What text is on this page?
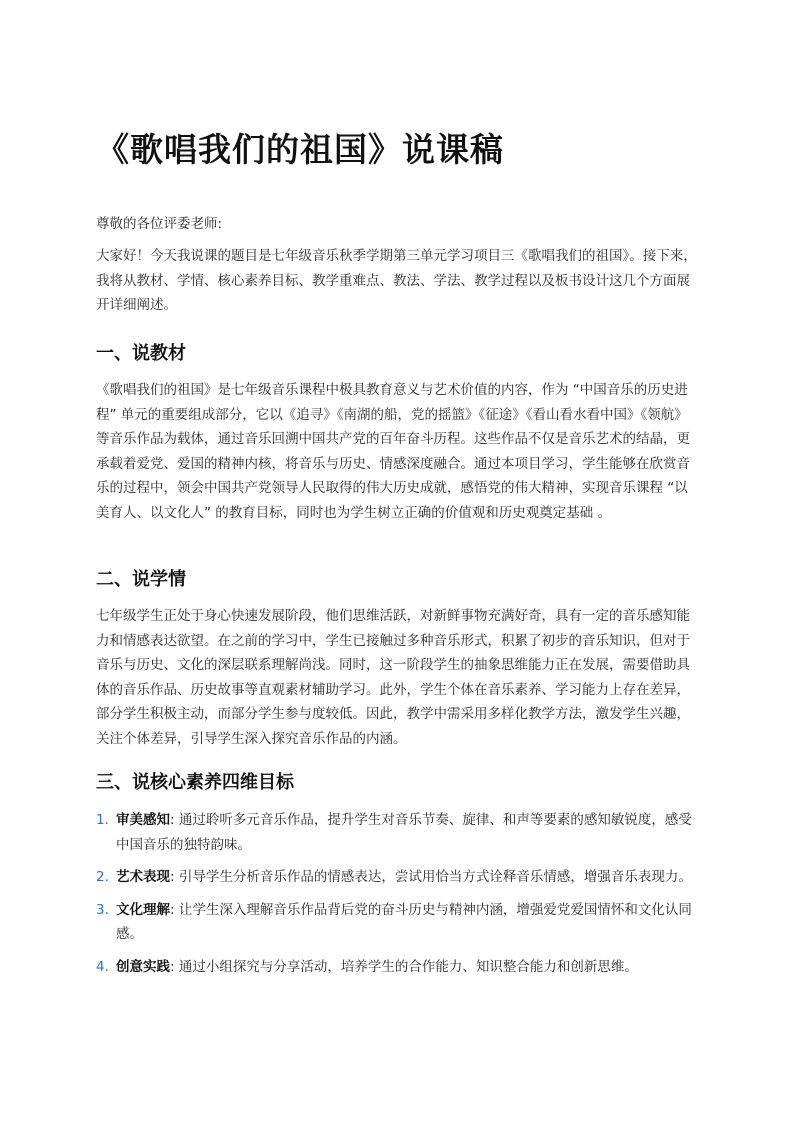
《歌唱我们的祖国》说课稿

尊敬的各位评委老师:

大家好！今天我说课的题目是七年级音乐秋季学期第三单元学习项目三《歌唱我们的祖国》。接下来，我将从教材、学情、核心素养目标、教学重难点、教法、学法、教学过程以及板书设计这几个方面展开详细阐述。

一、说教材

《歌唱我们的祖国》是七年级音乐课程中极具教育意义与艺术价值的内容，作为 “中国音乐的历史进程” 单元的重要组成部分，它以《追寻》《南湖的船，党的摇篮》《征途》《看山看水看中国》《领航》等音乐作品为载体，通过音乐回溯中国共产党的百年奋斗历程。这些作品不仅是音乐艺术的结晶，更承载着爱党、爱国的精神内核，将音乐与历史、情感深度融合。通过本项目学习，学生能够在欣赏音乐的过程中，领会中国共产党领导人民取得的伟大历史成就，感悟党的伟大精神，实现音乐课程 “以美育人、以文化人” 的教育目标，同时也为学生树立正确的价值观和历史观奠定基础 。

二、说学情

七年级学生正处于身心快速发展阶段，他们思维活跃，对新鲜事物充满好奇，具有一定的音乐感知能力和情感表达欲望。在之前的学习中，学生已接触过多种音乐形式，积累了初步的音乐知识，但对于音乐与历史、文化的深层联系理解尚浅。同时，这一阶段学生的抽象思维能力正在发展，需要借助具体的音乐作品、历史故事等直观素材辅助学习。此外，学生个体在音乐素养、学习能力上存在差异，部分学生积极主动，而部分学生参与度较低。因此，教学中需采用多样化教学方法，激发学生兴趣，关注个体差异，引导学生深入探究音乐作品的内涵。

三、说核心素养四维目标
1. 审美感知: 通过聆听多元音乐作品，提升学生对音乐节奏、旋律、和声等要素的感知敏锐度，感受中国音乐的独特韵味。
2. 艺术表现: 引导学生分析音乐作品的情感表达，尝试用恰当方式诠释音乐情感，增强音乐表现力。
3. 文化理解: 让学生深入理解音乐作品背后党的奋斗历史与精神内涵，增强爱党爱国情怀和文化认同感。
4. 创意实践: 通过小组探究与分享活动，培养学生的合作能力、知识整合能力和创新思维。
